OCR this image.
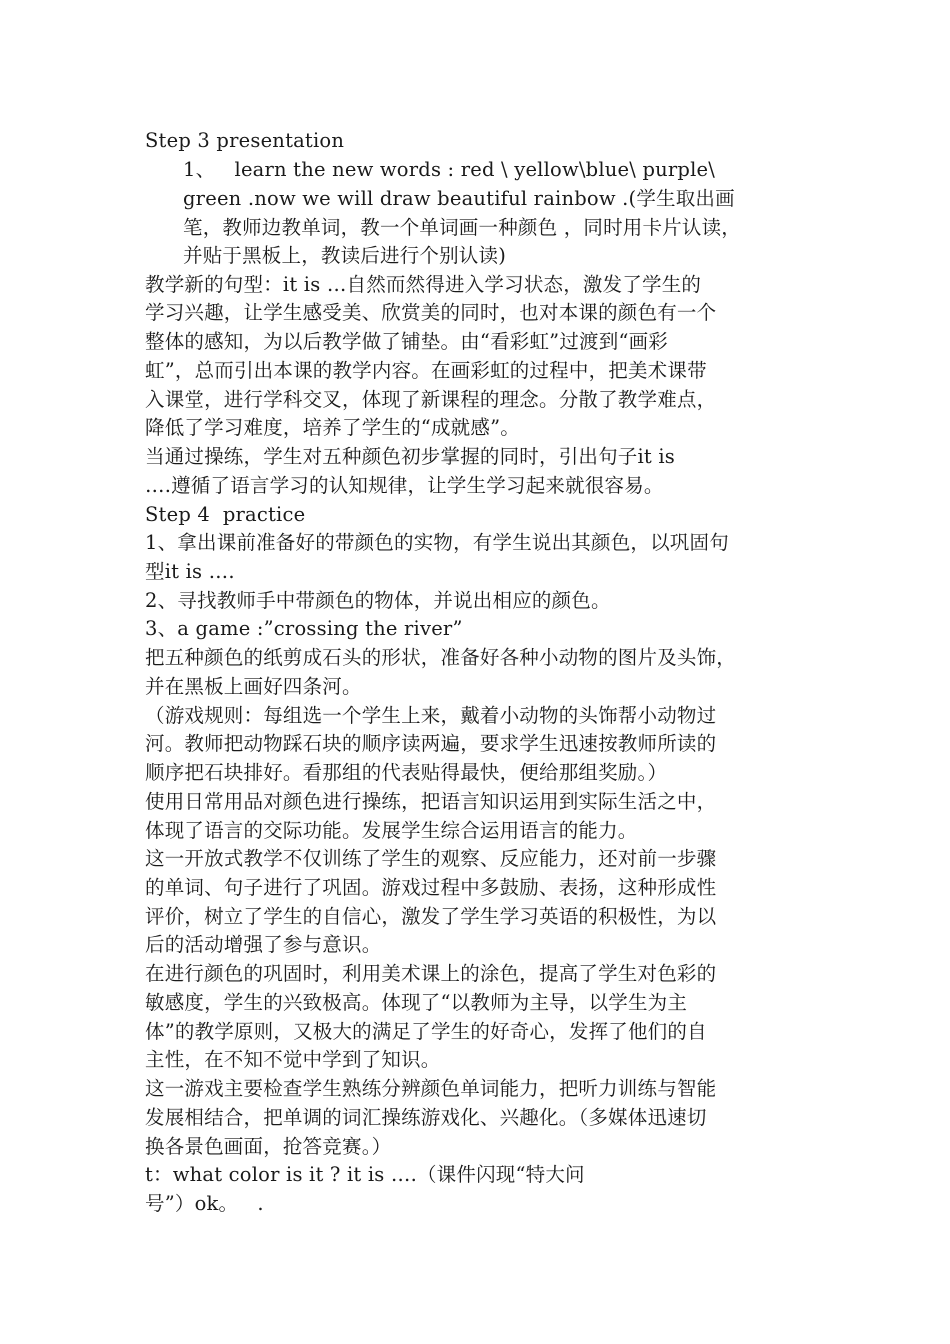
Step 3 presentation
1、   learn the new words : red \ yellow\blue\ purple\
green .now we will draw beautiful rainbow .(学生取出画
笔，教师边教单词，教一个单词画一种颜色 ，同时用卡片认读，
并贴于黑板上，教读后进行个别认读)
教学新的句型：it is …自然而然得进入学习状态，激发了学生的
学习兴趣，让学生感受美、欣赏美的同时，也对本课的颜色有一个
整体的感知，为以后教学做了铺垫。由“看彩虹”过渡到“画彩
虹”，总而引出本课的教学内容。在画彩虹的过程中，把美术课带
入课堂，进行学科交叉，体现了新课程的理念。分散了教学难点，
降低了学习难度，培养了学生的“成就感”。
当通过操练，学生对五种颜色初步掌握的同时，引出句子it is
….遵循了语言学习的认知规律，让学生学习起来就很容易。
Step 4  practice
1、拿出课前准备好的带颜色的实物，有学生说出其颜色，以巩固句
型it is ….
2、寻找教师手中带颜色的物体，并说出相应的颜色。
3、a game :”crossing the river”
把五种颜色的纸剪成石头的形状，准备好各种小动物的图片及头饰，
并在黑板上画好四条河。
（游戏规则：每组选一个学生上来，戴着小动物的头饰帮小动物过
河。教师把动物踩石块的顺序读两遍，要求学生迅速按教师所读的
顺序把石块排好。看那组的代表贴得最快，便给那组奖励。）
使用日常用品对颜色进行操练，把语言知识运用到实际生活之中，
体现了语言的交际功能。发展学生综合运用语言的能力。
这一开放式教学不仅训练了学生的观察、反应能力，还对前一步骤
的单词、句子进行了巩固。游戏过程中多鼓励、表扬，这种形成性
评价，树立了学生的自信心，激发了学生学习英语的积极性，为以
后的活动增强了参与意识。
在进行颜色的巩固时，利用美术课上的涂色，提高了学生对色彩的
敏感度，学生的兴致极高。体现了“以教师为主导，以学生为主
体”的教学原则，又极大的满足了学生的好奇心，发挥了他们的自
主性，在不知不觉中学到了知识。
这一游戏主要检查学生熟练分辨颜色单词能力，把听力训练与智能
发展相结合，把单调的词汇操练游戏化、兴趣化。（多媒体迅速切
换各景色画面，抢答竞赛。）
t：what color is it ? it is ….（课件闪现“特大问
号”）ok。   .
